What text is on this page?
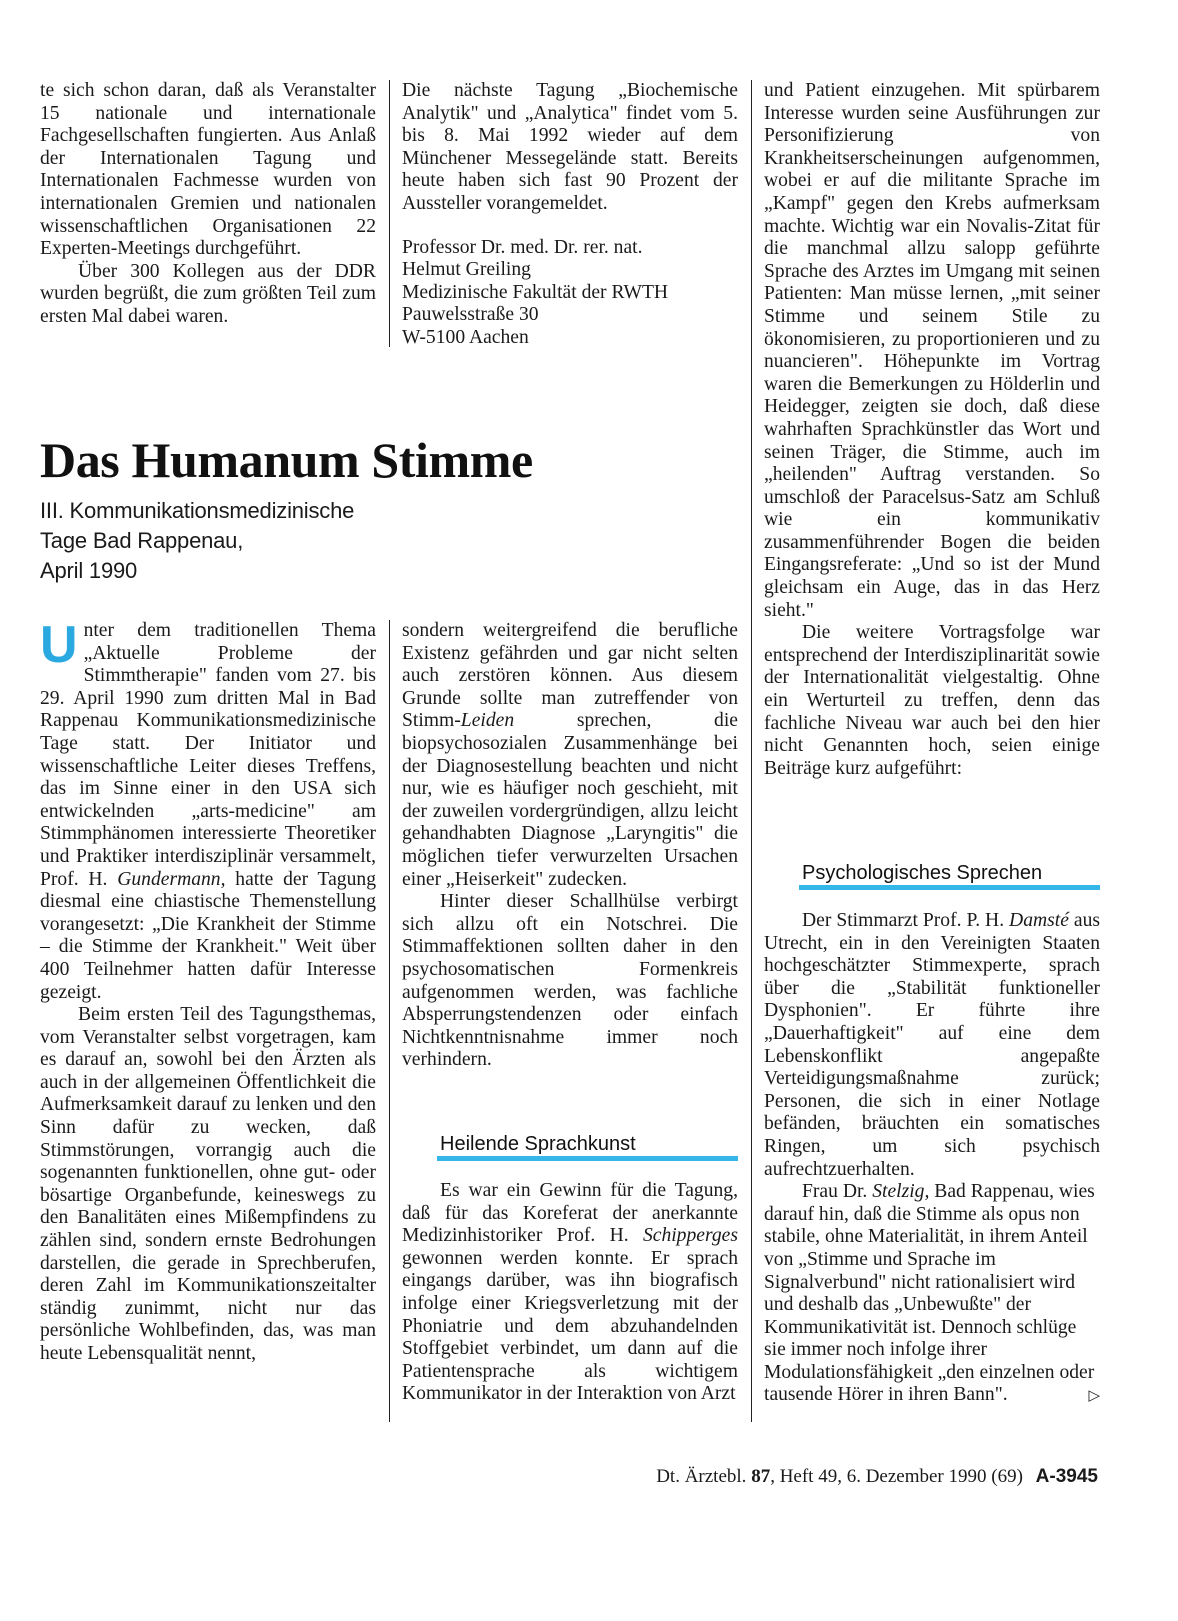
te sich schon daran, daß als Veranstalter 15 nationale und internationale Fachgesellschaften fungierten. Aus Anlaß der Internationalen Tagung und Internationalen Fachmesse wurden von internationalen Gremien und nationalen wissenschaftlichen Organisationen 22 Experten-Meetings durchgeführt.

Über 300 Kollegen aus der DDR wurden begrüßt, die zum größten Teil zum ersten Mal dabei waren.

Die nächste Tagung „Biochemische Analytik" und „Analytica" findet vom 5. bis 8. Mai 1992 wieder auf dem Münchener Messegelände statt. Bereits heute haben sich fast 90 Prozent der Aussteller vorangemeldet.

Professor Dr. med. Dr. rer. nat.
Helmut Greiling
Medizinische Fakultät der RWTH
Pauwelsstraße 30
W-5100 Aachen
Das Humanum Stimme
III. Kommunikationsmedizinische
Tage Bad Rappenau,
April 1990

Unter dem traditionellen Thema „Aktuelle Probleme der Stimmtherapie" fanden vom 27. bis 29. April 1990 zum dritten Mal in Bad Rappenau Kommunikationsmedizinische Tage statt. Der Initiator und wissenschaftliche Leiter dieses Treffens, das im Sinne einer in den USA sich entwickelnden „arts-medicine" am Stimmphänomen interessierte Theoretiker und Praktiker interdisziplinär versammelt, Prof. H. Gundermann, hatte der Tagung diesmal eine chiastische Themenstellung vorangesetzt: „Die Krankheit der Stimme – die Stimme der Krankheit." Weit über 400 Teilnehmer hatten dafür Interesse gezeigt.

Beim ersten Teil des Tagungsthemas, vom Veranstalter selbst vorgetragen, kam es darauf an, sowohl bei den Ärzten als auch in der allgemeinen Öffentlichkeit die Aufmerksamkeit darauf zu lenken und den Sinn dafür zu wecken, daß Stimmstörungen, vorrangig auch die sogenannten funktionellen, ohne gut- oder bösartige Organbefunde, keineswegs zu den Banalitäten eines Mißempfindens zu zählen sind, sondern ernste Bedrohungen darstellen, die gerade in Sprechberufen, deren Zahl im Kommunikationszeitalter ständig zunimmt, nicht nur das persönliche Wohlbefinden, das, was man heute Lebensqualität nennt,

sondern weitergreifend die berufliche Existenz gefährden und gar nicht selten auch zerstören können. Aus diesem Grunde sollte man zutreffender von Stimm-Leiden sprechen, die biopsychosozialen Zusammenhänge bei der Diagnosestellung beachten und nicht nur, wie es häufiger noch geschieht, mit der zuweilen vordergründigen, allzu leicht gehandhabten Diagnose „Laryngitis" die möglichen tiefer verwurzelten Ursachen einer „Heiserkeit" zudecken.

Hinter dieser Schallhülse verbirgt sich allzu oft ein Notschrei. Die Stimmaffektionen sollten daher in den psychosomatischen Formenkreis aufgenommen werden, was fachliche Absperrungstendenzen oder einfach Nichtkenntnisnahme immer noch verhindern.

Heilende Sprachkunst

Es war ein Gewinn für die Tagung, daß für das Koreferat der anerkannte Medizinhistoriker Prof. H. Schipperges gewonnen werden konnte. Er sprach eingangs darüber, was ihn biografisch infolge einer Kriegsverletzung mit der Phoniatrie und dem abzuhandelnden Stoffgebiet verbindet, um dann auf die Patientensprache als wichtigem Kommunikator in der Interaktion von Arzt

und Patient einzugehen. Mit spürbarem Interesse wurden seine Ausführungen zur Personifizierung von Krankheitserscheinungen aufgenommen, wobei er auf die militante Sprache im „Kampf" gegen den Krebs aufmerksam machte. Wichtig war ein Novalis-Zitat für die manchmal allzu salopp geführte Sprache des Arztes im Umgang mit seinen Patienten: Man müsse lernen, „mit seiner Stimme und seinem Stile zu ökonomisieren, zu proportionieren und zu nuancieren". Höhepunkte im Vortrag waren die Bemerkungen zu Hölderlin und Heidegger, zeigten sie doch, daß diese wahrhaften Sprachkünstler das Wort und seinen Träger, die Stimme, auch im „heilenden" Auftrag verstanden. So umschloß der Paracelsus-Satz am Schluß wie ein kommunikativ zusammenführender Bogen die beiden Eingangsreferate: „Und so ist der Mund gleichsam ein Auge, das in das Herz sieht."

Die weitere Vortragsfolge war entsprechend der Interdisziplinarität sowie der Internationalität vielgestaltig. Ohne ein Werturteil zu treffen, denn das fachliche Niveau war auch bei den hier nicht Genannten hoch, seien einige Beiträge kurz aufgeführt:

Psychologisches Sprechen

Der Stimmarzt Prof. P. H. Damsté aus Utrecht, ein in den Vereinigten Staaten hochgeschätzter Stimmexperte, sprach über die „Stabilität funktioneller Dysphonien". Er führte ihre „Dauerhaftigkeit" auf eine dem Lebenskonflikt angepaßte Verteidigungsmaßnahme zurück; Personen, die sich in einer Notlage befänden, bräuchten ein somatisches Ringen, um sich psychisch aufrechtzuerhalten.

Frau Dr. Stelzig, Bad Rappenau, wies darauf hin, daß die Stimme als opus non stabile, ohne Materialität, in ihrem Anteil von „Stimme und Sprache im Signalverbund" nicht rationalisiert wird und deshalb das „Unbewußte" der Kommunikativität ist. Dennoch schlüge sie immer noch infolge ihrer Modulationsfähigkeit „den einzelnen oder tausende Hörer in ihren Bann".	▷

Dt. Ärztebl. 87, Heft 49, 6. Dezember 1990 (69) A-3945
